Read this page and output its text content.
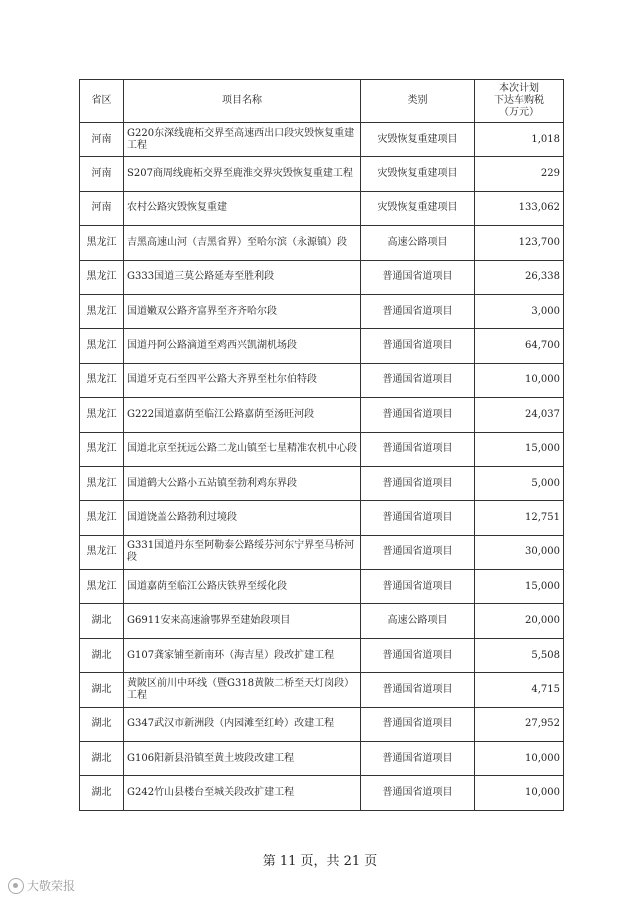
省区	项目名称	类别	本次计划
下达车购税
（万元）

河南	G220东深线鹿柘交界至高速西出口段灾毁恢复重建工程	灾毁恢复重建项目	1,018
河南	S207商周线鹿柘交界至鹿淮交界灾毁恢复重建工程	灾毁恢复重建项目	229
河南	农村公路灾毁恢复重建	灾毁恢复重建项目	133,062
黑龙江	吉黑高速山河（吉黑省界）至哈尔滨（永源镇）段	高速公路项目	123,700
黑龙江	G333国道三莫公路延寿至胜利段	普通国省道项目	26,338
黑龙江	国道嫩双公路齐富界至齐齐哈尔段	普通国省道项目	3,000
黑龙江	国道丹阿公路滴道至鸡西兴凯湖机场段	普通国省道项目	64,700
黑龙江	国道牙克石至四平公路大齐界至杜尔伯特段	普通国省道项目	10,000
黑龙江	G222国道嘉荫至临江公路嘉荫至汤旺河段	普通国省道项目	24,037
黑龙江	国道北京至抚远公路二龙山镇至七星精准农机中心段	普通国省道项目	15,000
黑龙江	国道鹤大公路小五站镇至勃利鸡东界段	普通国省道项目	5,000
黑龙江	国道饶盖公路勃利过境段	普通国省道项目	12,751
黑龙江	G331国道丹东至阿勒泰公路绥芬河东宁界至马桥河段	普通国省道项目	30,000
黑龙江	国道嘉荫至临江公路庆铁界至绥化段	普通国省道项目	15,000
湖北	G6911安来高速渝鄂界至建始段项目	高速公路项目	20,000
湖北	G107龚家铺至新南环（海吉星）段改扩建工程	普通国省道项目	5,508
湖北	黄陂区前川中环线（暨G318黄陂二桥至天灯岗段）工程	普通国省道项目	4,715
湖北	G347武汉市新洲段（内园滩至红岭）改建工程	普通国省道项目	27,952
湖北	G106阳新县沿镇至黄土坡段改建工程	普通国省道项目	10,000
湖北	G242竹山县楼台至城关段改扩建工程	普通国省道项目	10,000
第 11 页，共 21 页
大敬荣报
